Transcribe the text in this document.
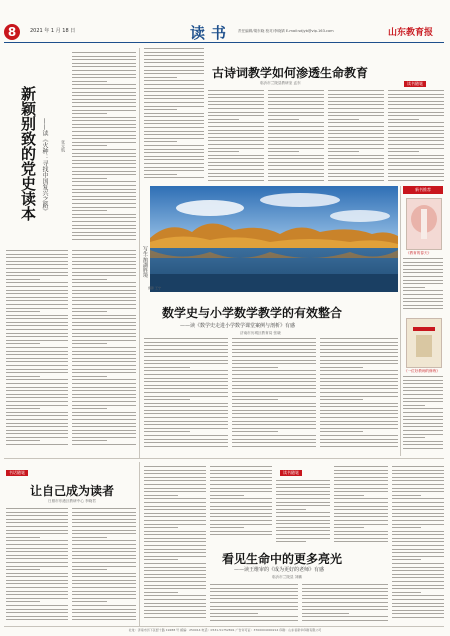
8	2021 年 1 月 18 日	读书 责任编辑/胡东晓 校对/李晓婧 E-mail:sdjyb@vip.163.com	山东教育报
新颖别致的党史读本 ——读《火种：寻找中国复兴之路》	张元航
读书随笔
古诗词教学如何渗透生命教育
临沂市兰陵县教研室 孟东
写生·鹊湖胜境
摄影 王宁
数学史与小学数学教学的有效整合
——读《数学史走进小学数学课堂案例与剖析》有感
济南市历城区教育局 张晓
新书推荐
《教育的春天》
《一位好教师的修炼》
书话随笔
让自己成为读者
日照市东港区教研中心 李晓君
读书随笔
看见生命中的更多亮光
——读王维审的《成为更好的老师》有感
临沂市兰陵县 刘鹏
社址：济南市历下区经十路 19288 号 邮编：250014 电话：0531-51752891 广告许可证：3700004000214 印刷：山东省新华印刷有限公司
